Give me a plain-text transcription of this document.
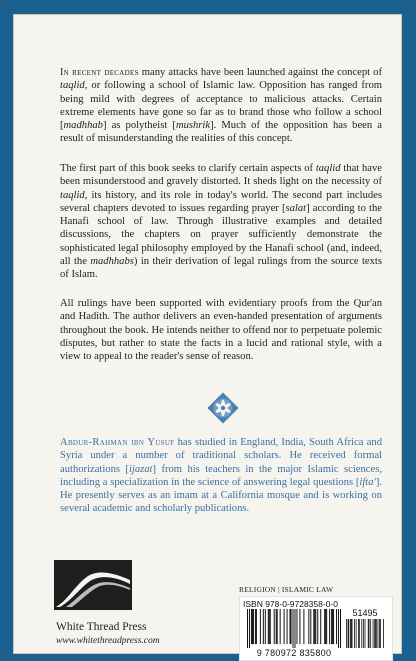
In recent decades many attacks have been launched against the concept of taqlid, or following a school of Islamic law. Opposition has ranged from being mild with degrees of acceptance to malicious attacks. Certain extreme elements have gone so far as to brand those who follow a school [madhhab] as polytheist [mushrik]. Much of the opposition has been a result of misunderstanding the realities of this concept.

The first part of this book seeks to clarify certain aspects of taqlid that have been misunderstood and gravely distorted. It sheds light on the necessity of taqlid, its history, and its role in today's world. The second part includes several chapters devoted to issues regarding prayer [salat] according to the Hanafi school of law. Through illustrative examples and detailed discussions, the chapters on prayer sufficiently demonstrate the sophisticated legal philosophy employed by the Hanafi school (and, indeed, all the madhhabs) in their derivation of legal rulings from the source texts of Islam.

All rulings have been supported with evidentiary proofs from the Qur'an and Hadith. The author delivers an even-handed presentation of arguments throughout the book. He intends neither to offend nor to perpetuate polemic disputes, but rather to state the facts in a lucid and rational style, with a view to appeal to the reader's sense of reason.

Abdur-Rahman ibn Yusuf has studied in England, India, South Africa and Syria under a number of traditional scholars. He received formal authorizations [ijazat] from his teachers in the major Islamic sciences, including a specialization in the science of answering legal questions [ifta']. He presently serves as an imam at a California mosque and is working on several academic and scholarly publications.

White Thread Press
www.whitethreadpress.com
RELIGION | ISLAMIC LAW
ISBN 978-0-9728358-0-0
51495
9 780972 835800
